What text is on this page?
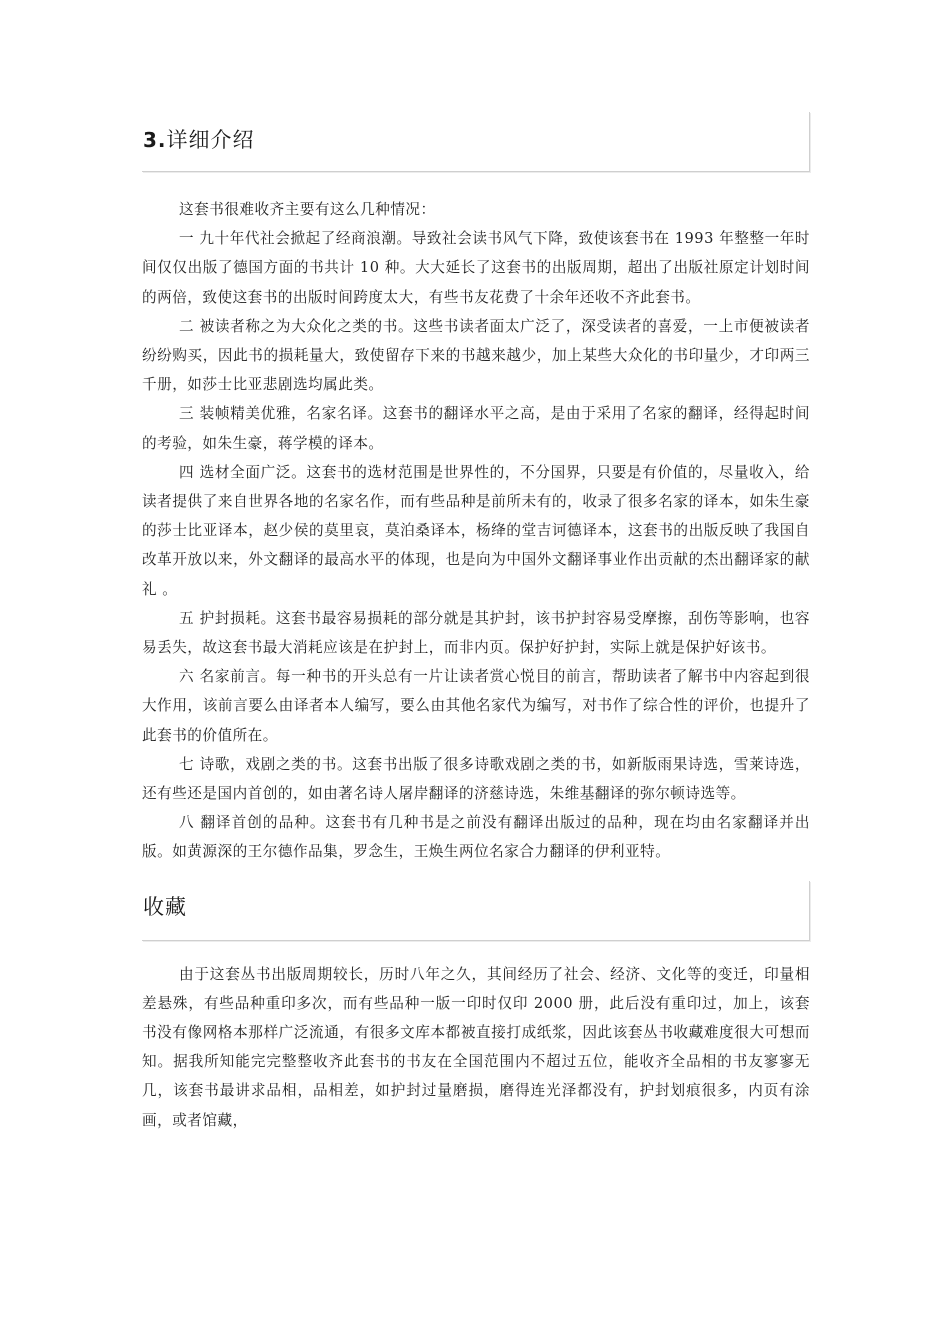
3.详细介绍

这套书很难收齐主要有这么几种情况：

一 九十年代社会掀起了经商浪潮。导致社会读书风气下降，致使该套书在 1993 年整整一年时间仅仅出版了德国方面的书共计 10 种。大大延长了这套书的出版周期，超出了出版社原定计划时间的两倍，致使这套书的出版时间跨度太大，有些书友花费了十余年还收不齐此套书。

二 被读者称之为大众化之类的书。这些书读者面太广泛了，深受读者的喜爱，一上市便被读者纷纷购买，因此书的损耗量大，致使留存下来的书越来越少，加上某些大众化的书印量少，才印两三千册，如莎士比亚悲剧选均属此类。

三 装帧精美优雅，名家名译。这套书的翻译水平之高，是由于采用了名家的翻译，经得起时间的考验，如朱生豪，蒋学模的译本。

四 选材全面广泛。这套书的选材范围是世界性的，不分国界，只要是有价值的，尽量收入，给读者提供了来自世界各地的名家名作，而有些品种是前所未有的，收录了很多名家的译本，如朱生豪的莎士比亚译本，赵少侯的莫里哀，莫泊桑译本，杨绛的堂吉诃德译本，这套书的出版反映了我国自改革开放以来，外文翻译的最高水平的体现，也是向为中国外文翻译事业作出贡献的杰出翻译家的献礼 。

五 护封损耗。这套书最容易损耗的部分就是其护封，该书护封容易受摩擦，刮伤等影响，也容易丢失，故这套书最大消耗应该是在护封上，而非内页。保护好护封，实际上就是保护好该书。

六 名家前言。每一种书的开头总有一片让读者赏心悦目的前言，帮助读者了解书中内容起到很大作用，该前言要么由译者本人编写，要么由其他名家代为编写，对书作了综合性的评价，也提升了此套书的价值所在。

七 诗歌，戏剧之类的书。这套书出版了很多诗歌戏剧之类的书，如新版雨果诗选，雪莱诗选，还有些还是国内首创的，如由著名诗人屠岸翻译的济慈诗选，朱维基翻译的弥尔顿诗选等。

八 翻译首创的品种。这套书有几种书是之前没有翻译出版过的品种，现在均由名家翻译并出版。如黄源深的王尔德作品集，罗念生，王焕生两位名家合力翻译的伊利亚特。

收藏

由于这套丛书出版周期较长，历时八年之久，其间经历了社会、经济、文化等的变迁，印量相差悬殊，有些品种重印多次，而有些品种一版一印时仅印 2000 册，此后没有重印过，加上，该套书没有像网格本那样广泛流通，有很多文库本都被直接打成纸浆，因此该套丛书收藏难度很大可想而知。据我所知能完完整整收齐此套书的书友在全国范围内不超过五位，能收齐全品相的书友寥寥无几，该套书最讲求品相，品相差，如护封过量磨损，磨得连光泽都没有，护封划痕很多，内页有涂画，或者馆藏，
